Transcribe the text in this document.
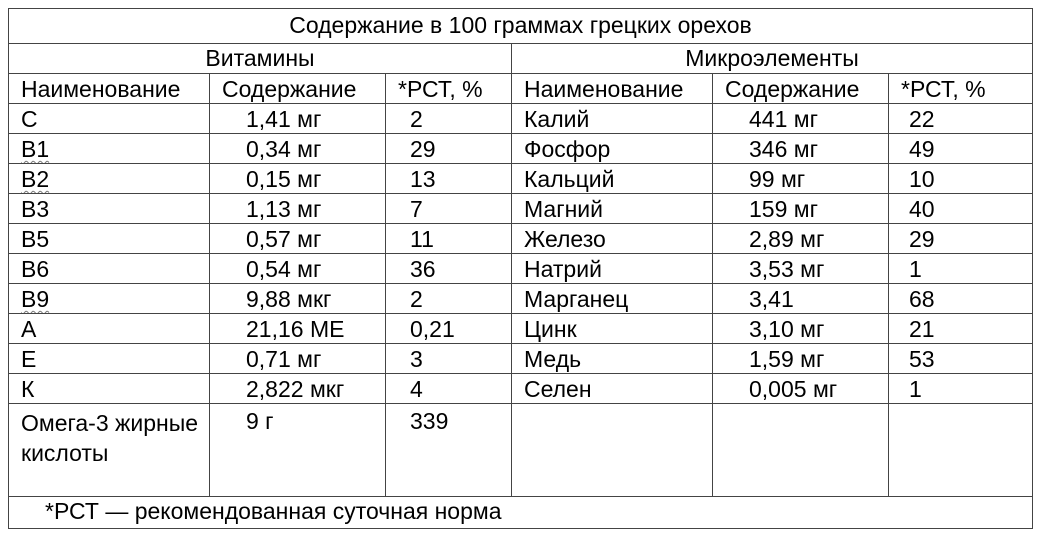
Содержание в 100 граммах грецких орехов					
Витамины			Микроэлементы		
Наименование	Содержание	*РСТ, %	Наименование	Содержание	*РСТ, %
C	1,41 мг	2	Калий	441 мг	22
B1	0,34 мг	29	Фосфор	346 мг	49
B2	0,15 мг	13	Кальций	99 мг	10
B3	1,13 мг	7	Магний	159 мг	40
B5	0,57 мг	11	Железо	2,89 мг	29
B6	0,54 мг	36	Натрий	3,53 мг	1
B9	9,88 мкг	2	Марганец	3,41	68
A	21,16 МЕ	0,21	Цинк	3,10 мг	21
E	0,71 мг	3	Медь	1,59 мг	53
К	2,822 мкг	4	Селен	0,005 мг	1
Омега-3 жирные кислоты	9 г	339			
*РСТ — рекомендованная суточная норма					
